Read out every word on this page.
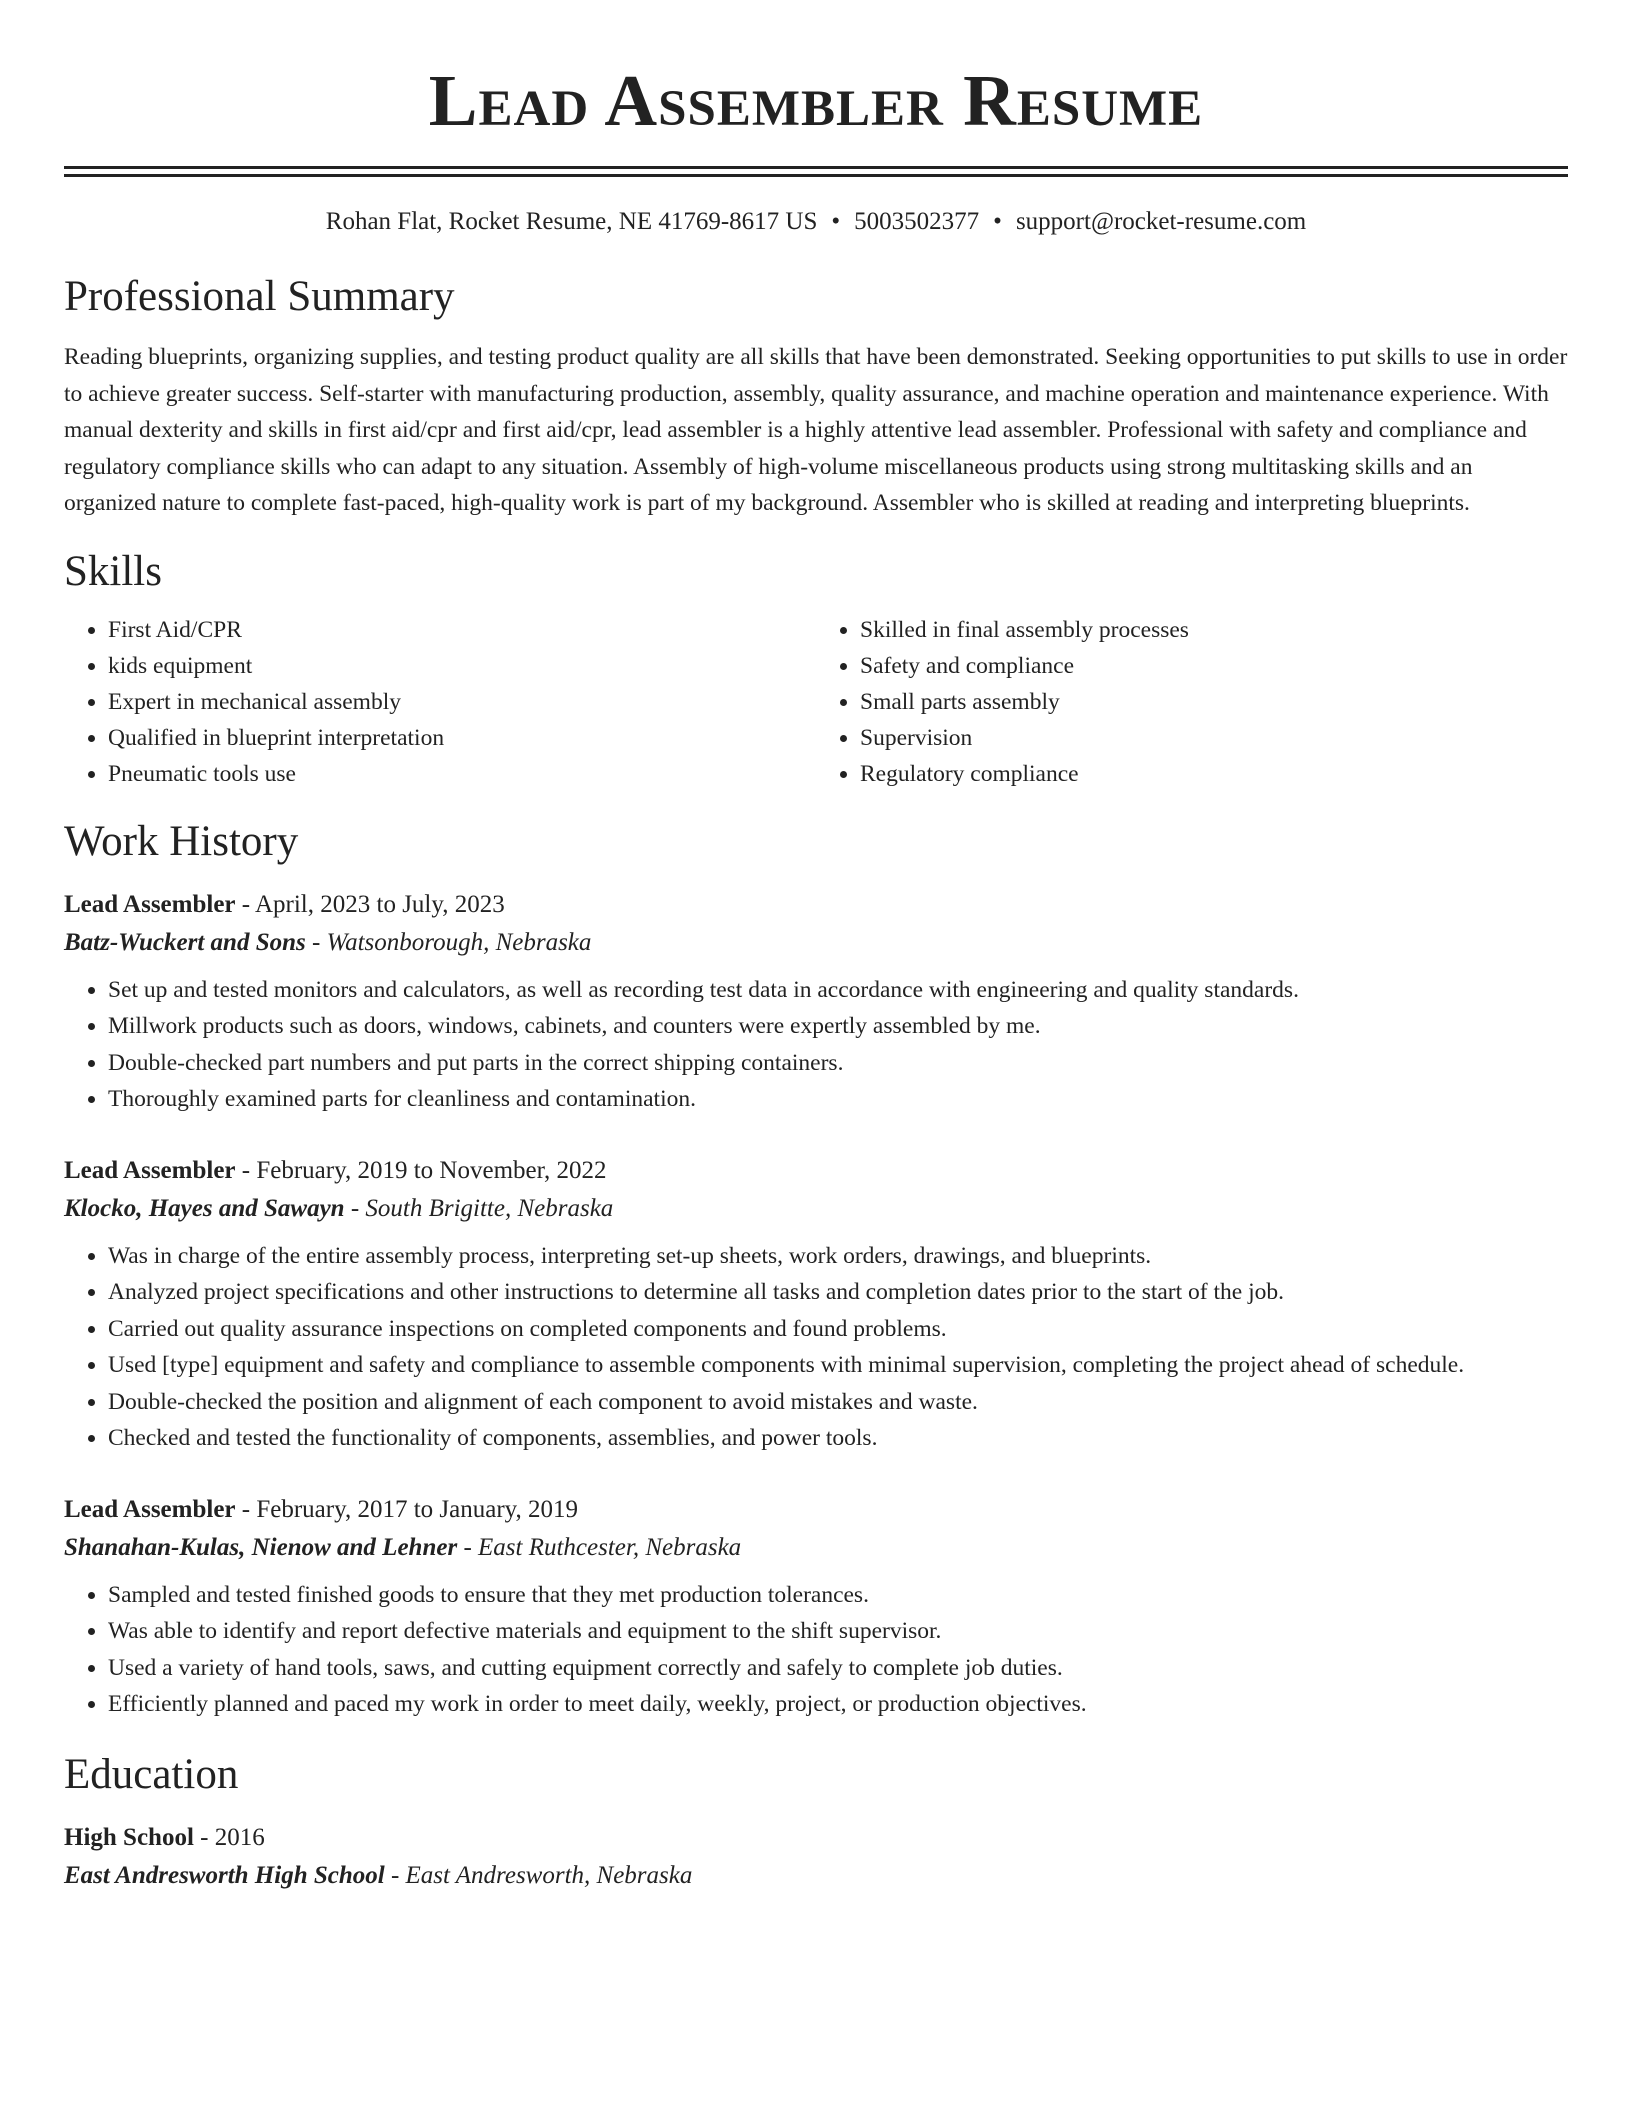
Lead Assembler Resume
Rohan Flat, Rocket Resume, NE 41769-8617 US • 5003502377 • support@rocket-resume.com
Professional Summary

Reading blueprints, organizing supplies, and testing product quality are all skills that have been demonstrated. Seeking opportunities to put skills to use in order to achieve greater success. Self-starter with manufacturing production, assembly, quality assurance, and machine operation and maintenance experience. With manual dexterity and skills in first aid/cpr and first aid/cpr, lead assembler is a highly attentive lead assembler. Professional with safety and compliance and regulatory compliance skills who can adapt to any situation. Assembly of high-volume miscellaneous products using strong multitasking skills and an organized nature to complete fast-paced, high-quality work is part of my background. Assembler who is skilled at reading and interpreting blueprints.

Skills
• First Aid/CPR
• kids equipment
• Expert in mechanical assembly
• Qualified in blueprint interpretation
• Pneumatic tools use
• Skilled in final assembly processes
• Safety and compliance
• Small parts assembly
• Supervision
• Regulatory compliance
Work History
Lead Assembler - April, 2023 to July, 2023
Batz-Wuckert and Sons - Watsonborough, Nebraska
• Set up and tested monitors and calculators, as well as recording test data in accordance with engineering and quality standards.
• Millwork products such as doors, windows, cabinets, and counters were expertly assembled by me.
• Double-checked part numbers and put parts in the correct shipping containers.
• Thoroughly examined parts for cleanliness and contamination.
Lead Assembler - February, 2019 to November, 2022
Klocko, Hayes and Sawayn - South Brigitte, Nebraska
• Was in charge of the entire assembly process, interpreting set-up sheets, work orders, drawings, and blueprints.
• Analyzed project specifications and other instructions to determine all tasks and completion dates prior to the start of the job.
• Carried out quality assurance inspections on completed components and found problems.
• Used [type] equipment and safety and compliance to assemble components with minimal supervision, completing the project ahead of schedule.
• Double-checked the position and alignment of each component to avoid mistakes and waste.
• Checked and tested the functionality of components, assemblies, and power tools.
Lead Assembler - February, 2017 to January, 2019
Shanahan-Kulas, Nienow and Lehner - East Ruthcester, Nebraska
• Sampled and tested finished goods to ensure that they met production tolerances.
• Was able to identify and report defective materials and equipment to the shift supervisor.
• Used a variety of hand tools, saws, and cutting equipment correctly and safely to complete job duties.
• Efficiently planned and paced my work in order to meet daily, weekly, project, or production objectives.
Education
High School - 2016
East Andresworth High School - East Andresworth, Nebraska
